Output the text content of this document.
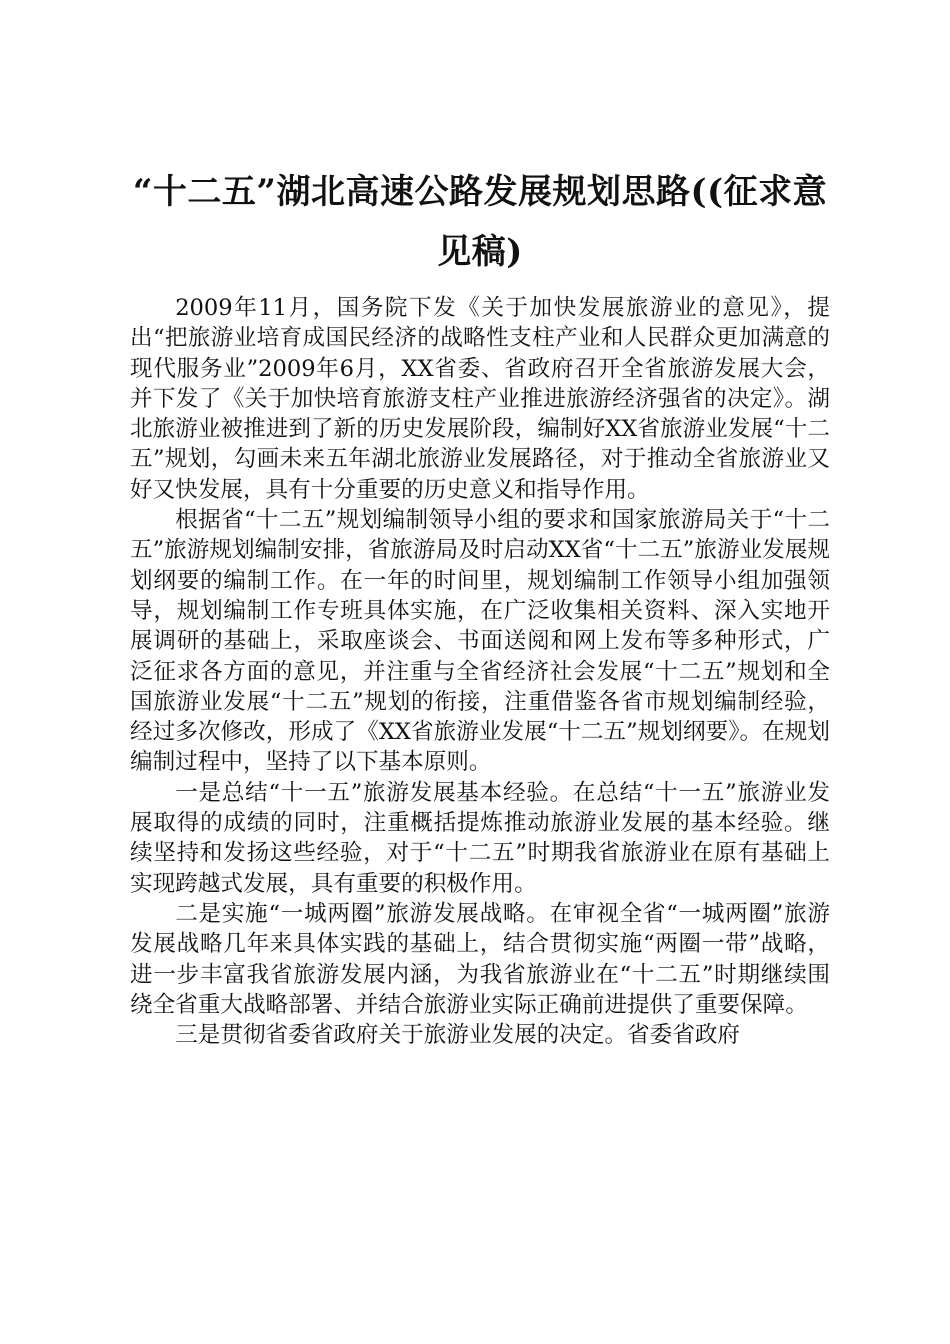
“十二五”湖北高速公路发展规划思路((征求意见稿)

2009年11月，国务院下发《关于加快发展旅游业的意见》，提出“把旅游业培育成国民经济的战略性支柱产业和人民群众更加满意的现代服务业”2009年6月，XX省委、省政府召开全省旅游发展大会，并下发了《关于加快培育旅游支柱产业推进旅游经济强省的决定》。湖北旅游业被推进到了新的历史发展阶段，编制好XX省旅游业发展“十二五”规划，勾画未来五年湖北旅游业发展路径，对于推动全省旅游业又好又快发展，具有十分重要的历史意义和指导作用。

根据省“十二五”规划编制领导小组的要求和国家旅游局关于“十二五”旅游规划编制安排，省旅游局及时启动XX省“十二五”旅游业发展规划纲要的编制工作。在一年的时间里，规划编制工作领导小组加强领导，规划编制工作专班具体实施，在广泛收集相关资料、深入实地开展调研的基础上，采取座谈会、书面送阅和网上发布等多种形式，广泛征求各方面的意见，并注重与全省经济社会发展“十二五”规划和全国旅游业发展“十二五”规划的衔接，注重借鉴各省市规划编制经验，经过多次修改，形成了《XX省旅游业发展“十二五”规划纲要》。在规划编制过程中，坚持了以下基本原则。

一是总结“十一五”旅游发展基本经验。在总结“十一五”旅游业发展取得的成绩的同时，注重概括提炼推动旅游业发展的基本经验。继续坚持和发扬这些经验，对于“十二五”时期我省旅游业在原有基础上实现跨越式发展，具有重要的积极作用。

二是实施“一城两圈”旅游发展战略。在审视全省“一城两圈”旅游发展战略几年来具体实践的基础上，结合贯彻实施“两圈一带”战略，进一步丰富我省旅游发展内涵，为我省旅游业在“十二五”时期继续围绕全省重大战略部署、并结合旅游业实际正确前进提供了重要保障。

三是贯彻省委省政府关于旅游业发展的决定。省委省政府
